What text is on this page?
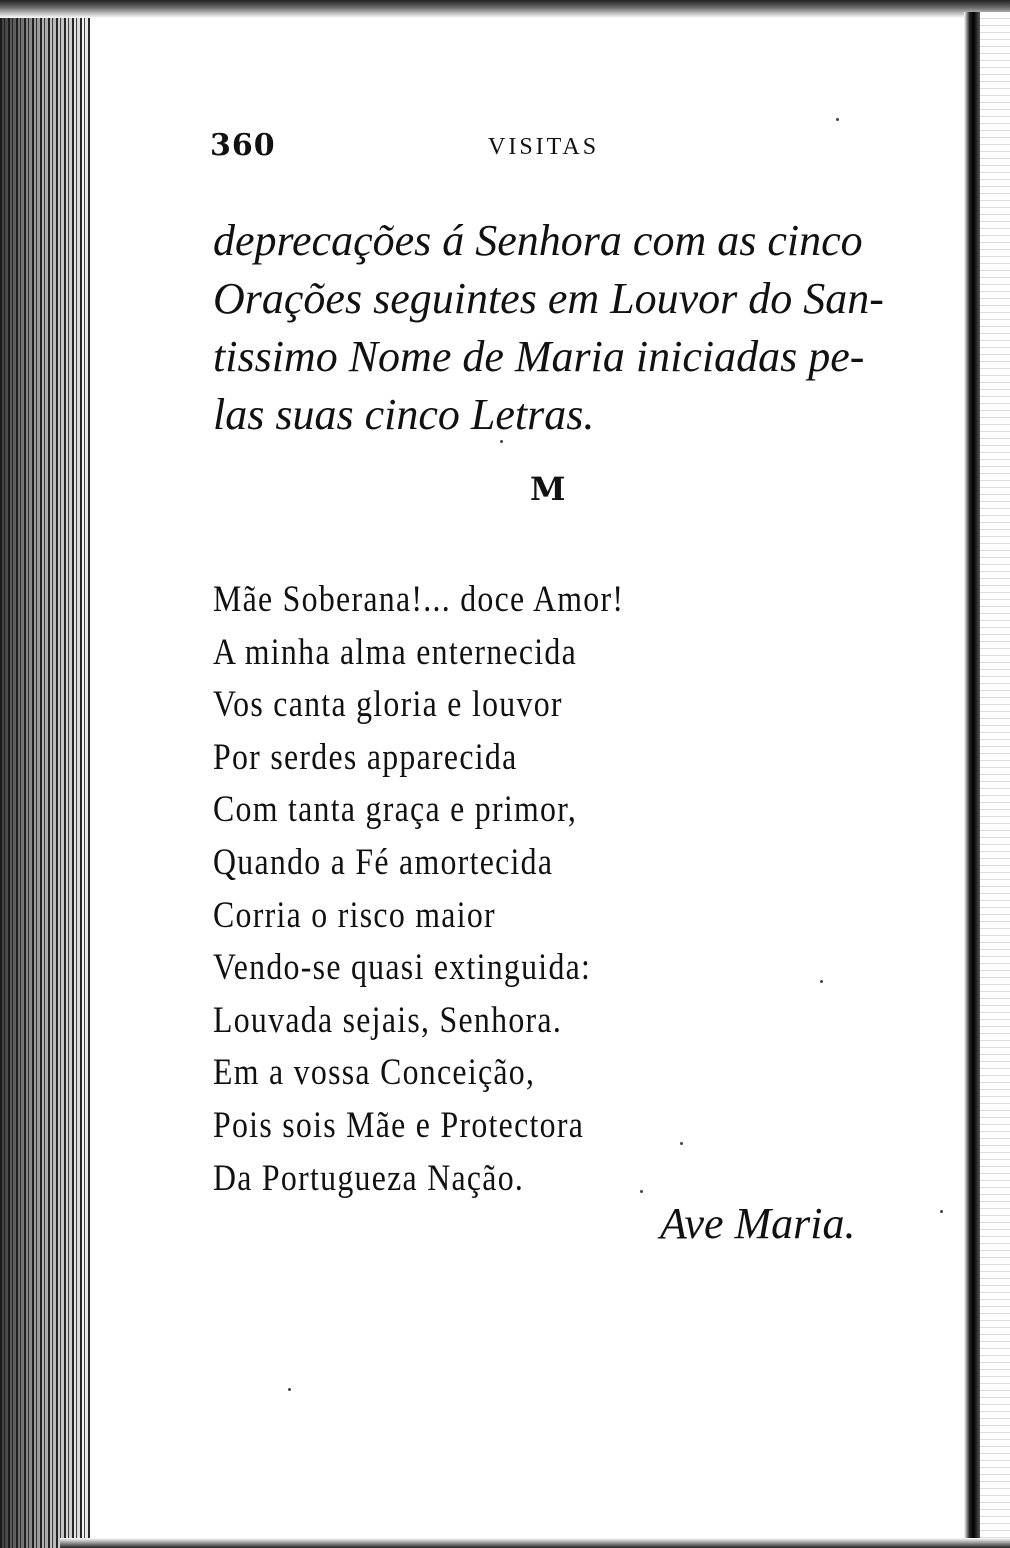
360	VISITAS
deprecações á Senhora com as cinco
Orações seguintes em Louvor do San-
tissimo Nome de Maria iniciadas pe-
las suas cinco Letras.
M
Mãe Soberana!... doce Amor!
A minha alma enternecida
Vos canta gloria e louvor
Por serdes apparecida
Com tanta graça e primor,
Quando a Fé amortecida
Corria o risco maior
Vendo-se quasi extinguida:
Louvada sejais, Senhora.
Em a vossa Conceição,
Pois sois Mãe e Protectora
Da Portugueza Nação.
Ave Maria.
